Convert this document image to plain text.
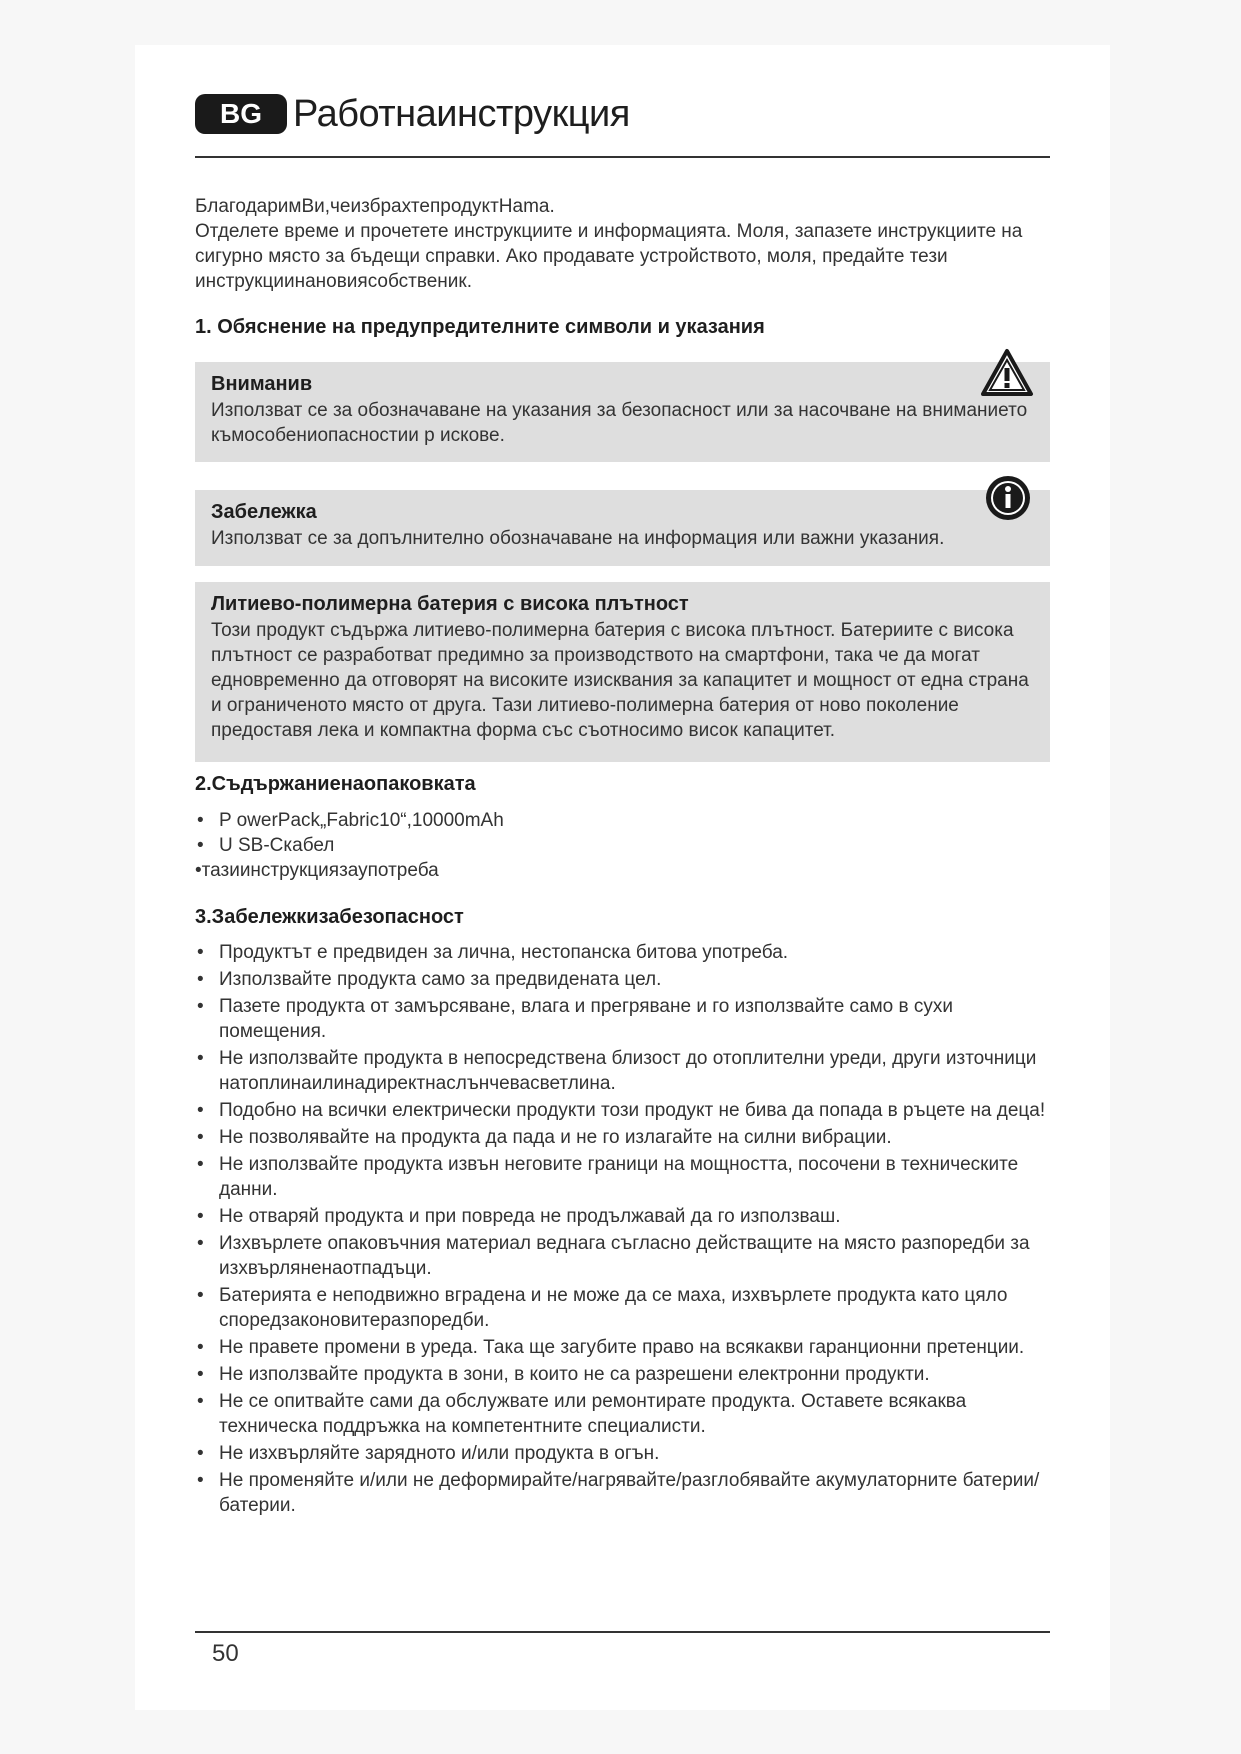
BG Работнаинструкция

БлагодаримВи,чеизбрахтепродуктHama.

Отделете време и прочетете инструкциите и информацията. Моля, запазете инструкциите на сигурно място за бъдещи справки. Ако продавате устройството, моля, предайте тези инструкциинановиясобственик.

1. Обяснение на предупредителните символи и указания
Вниманив
Използват се за обозначаване на указания за безопасност или за насочване на вниманието къмособениопасностии р искове.
Забележка
Използват се за допълнително обозначаване на информация или важни указания.
Литиево-полимерна батерия с висока плътност
Този продукт съдържа литиево-полимерна батерия с висока плътност. Батериите с висока плътност се разработват предимно за производството на смартфони, така че да могат едновременно да отговорят на високите изисквания за капацитет и мощност от една страна и ограниченото място от друга. Тази литиево-полимерна батерия от ново поколение предоставя лека и компактна форма със съотносимо висок капацитет.
2.Съдържаниенаопаковката
• P owerPack„Fabric10“,10000mAh
• U SB-Скабел
•тазиинструкциязаупотреба
3.Забележкизабезопасност
• Продуктът е предвиден за лична, нестопанска битова употреба.
• Използвайте продукта само за предвидената цел.
• Пазете продукта от замърсяване, влага и прегряване и го използвайте само в сухи помещения.
• Не използвайте продукта в непосредствена близост до отоплителни уреди, други източници натоплинаилинадиректнаслънчевасветлина.
• Подобно на всички електрически продукти този продукт не бива да попада в ръцете на деца!
• Не позволявайте на продукта да пада и не го излагайте на силни вибрации.
• Не използвайте продукта извън неговите граници на мощността, посочени в техническите данни.
• Не отваряй продукта и при повреда не продължавай да го използваш.
• Изхвърлете опаковъчния материал веднага съгласно действащите на място разпоредби за изхвърляненаотпадъци.
• Батерията е неподвижно вградена и не може да се маха, изхвърлете продукта като цяло споредзаконовитеразпоредби.
• Не правете промени в уреда. Така ще загубите право на всякакви гаранционни претенции.
• Не използвайте продукта в зони, в които не са разрешени електронни продукти.
• Не се опитвайте сами да обслужвате или ремонтирате продукта. Оставете всякаква техническа поддръжка на компетентните специалисти.
• Не изхвърляйте зарядното и/или продукта в огън.
• Не променяйте и/или не деформирайте/нагрявайте/разглобявайте акумулаторните батерии/ батерии.
50
